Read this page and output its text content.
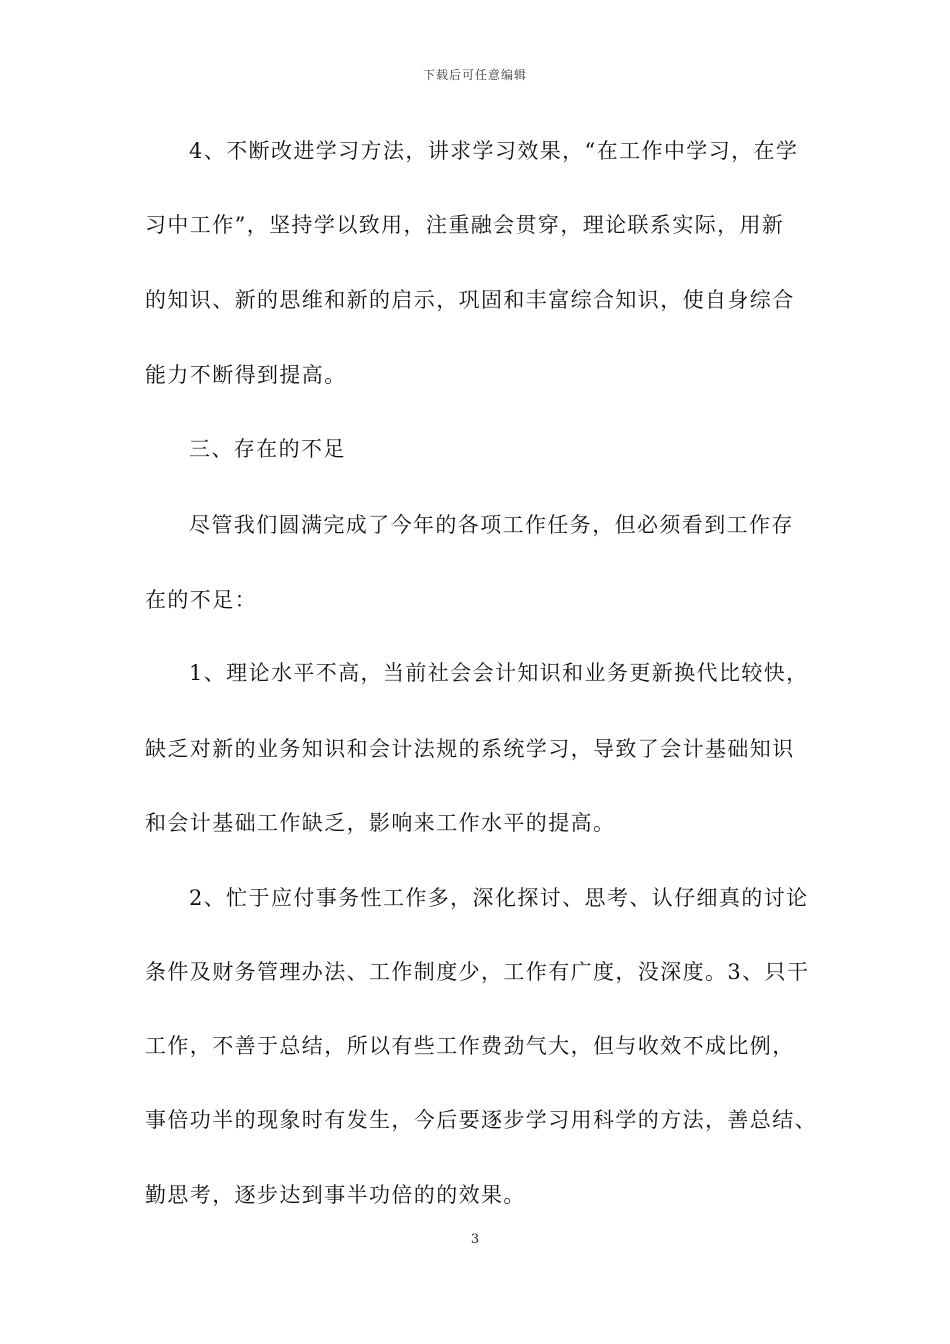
下载后可任意编辑
4、不断改进学习方法，讲求学习效果，“在工作中学习，在学
习中工作”，坚持学以致用，注重融会贯穿，理论联系实际，用新
的知识、新的思维和新的启示，巩固和丰富综合知识，使自身综合
能力不断得到提高。
三、存在的不足
尽管我们圆满完成了今年的各项工作任务，但必须看到工作存
在的不足：
1、理论水平不高，当前社会会计知识和业务更新换代比较快，
缺乏对新的业务知识和会计法规的系统学习，导致了会计基础知识
和会计基础工作缺乏，影响来工作水平的提高。
2、忙于应付事务性工作多，深化探讨、思考、认仔细真的讨论
条件及财务管理办法、工作制度少，工作有广度，没深度。3、只干
工作，不善于总结，所以有些工作费劲气大，但与收效不成比例，
事倍功半的现象时有发生，今后要逐步学习用科学的方法，善总结、
勤思考，逐步达到事半功倍的的效果。
3
